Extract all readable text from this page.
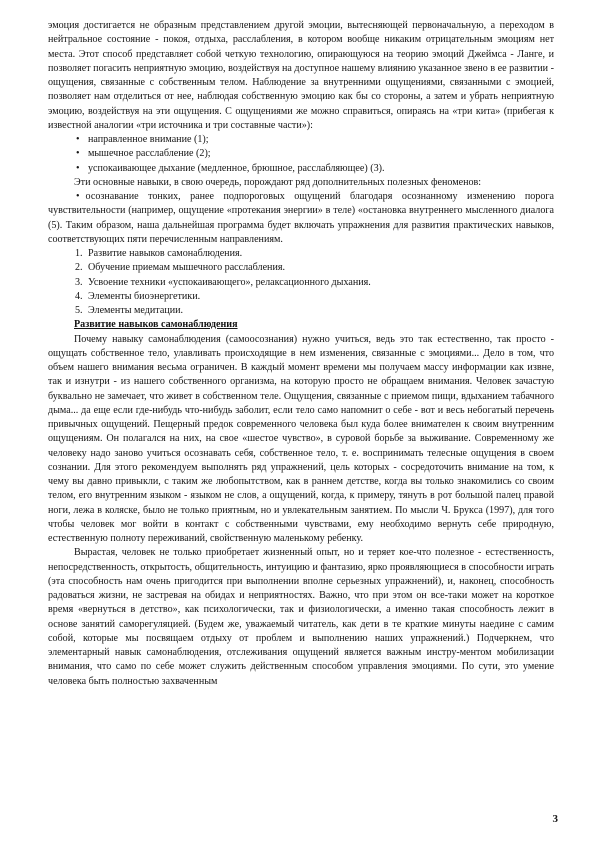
эмоция достигается не образным представлением другой эмоции, вытесняющей первоначальную, а переходом в нейтральное состояние - покоя, отдыха, расслабления, в котором вообще никаким отрицательным эмоциям нет места. Этот способ представляет собой четкую технологию, опирающуюся на теорию эмоций Джеймса - Ланге, и позволяет погасить неприятную эмоцию, воздействуя на доступное нашему влиянию указанное звено в ее развитии - ощущения, связанные с собственным телом. Наблюдение за внутренними ощущениями, связанными с эмоцией, позволяет нам отделиться от нее, наблюдая собственную эмоцию как бы со стороны, а затем и убрать неприятную эмоцию, воздействуя на эти ощущения. С ощущениями же можно справиться, опираясь на «три кита» (прибегая к известной аналогии «три источника и три составные части»):

• направленное внимание (1);
• мышечное расслабление (2);
• успокаивающее дыхание (медленное, брюшное, расслабляющее) (3).

Эти основные навыки, в свою очередь, порождают ряд дополнительных полезных феноменов:

• осознавание тонких, ранее подпороговых ощущений благодаря осознанному изменению порога чувствительности (например, ощущение «протекания энергии» в теле) «остановка внутреннего мысленного диалога (5). Таким образом, наша дальнейшая программа будет включать упражнения для развития практических навыков, соответствующих пяти перечисленным направлениям.

1. Развитие навыков самонаблюдения.
2. Обучение приемам мышечного расслабления.
3. Усвоение техники «успокаивающего», релаксационного дыхания.
4. Элементы биоэнергетики.
5. Элементы медитации.

Развитие навыков самонаблюдения

Почему навыку самонаблюдения (самоосознания) нужно учиться, ведь это так естественно, так просто - ощущать собственное тело, улавливать происходящие в нем изменения, связанные с эмоциями... Дело в том, что объем нашего внимания весьма ограничен. В каждый момент времени мы получаем массу информации как извне, так и изнутри - из нашего собственного организма, на которую просто не обращаем внимания. Человек зачастую буквально не замечает, что живет в собственном теле. Ощущения, связанные с приемом пищи, вдыханием табачного дыма... да еще если где-нибудь что-нибудь заболит, если тело само напомнит о себе - вот и весь небогатый перечень привычных ощущений. Пещерный предок современного человека был куда более внимателен к своим внутренним ощущениям. Он полагался на них, на свое «шестое чувство», в суровой борьбе за выживание. Современному же человеку надо заново учиться осознавать себя, собственное тело, т. е. воспринимать телесные ощущения в своем сознании. Для этого рекомендуем выполнять ряд упражнений, цель которых - сосредоточить внимание на том, к чему вы давно привыкли, с таким же любопытством, как в раннем детстве, когда вы только знакомились со своим телом, его внутренним языком - языком не слов, а ощущений, когда, к примеру, тянуть в рот большой палец правой ноги, лежа в коляске, было не только приятным, но и увлекательным занятием. По мысли Ч. Брукса (1997), для того чтобы человек мог войти в контакт с собственными чувствами, ему необходимо вернуть себе природную, естественную полноту переживаний, свойственную маленькому ребенку.

Вырастая, человек не только приобретает жизненный опыт, но и теряет кое-что полезное - естественность, непосредственность, открытость, общительность, интуицию и фантазию, ярко проявляющиеся в способности играть (эта способность нам очень пригодится при выполнении вполне серьезных упражнений), и, наконец, способность радоваться жизни, не застревая на обидах и неприятностях. Важно, что при этом он все-таки может на короткое время «вернуться в детство», как психологически, так и физиологически, а именно такая способность лежит в основе занятий саморегуляцией. (Будем же, уважаемый читатель, как дети в те краткие минуты наедине с самим собой, которые мы посвящаем отдыху от проблем и выполнению наших упражнений.) Подчеркнем, что элементарный навык самонаблюдения, отслеживания ощущений является важным инстру-ментом мобилизации внимания, что само по себе может служить действенным способом управления эмоциями. По сути, это умение человека быть полностью захваченным

3
